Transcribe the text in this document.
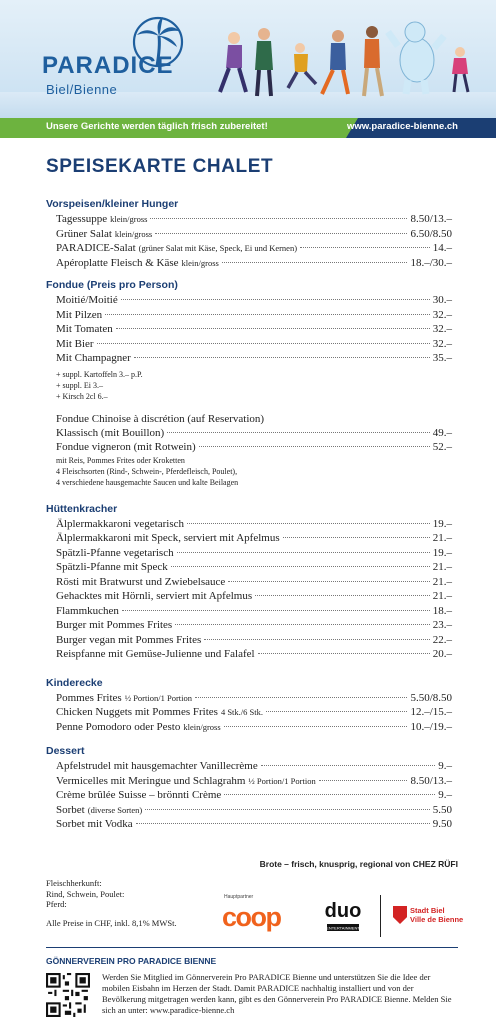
PARADICE
Biel/Bienne
Unsere Gerichte werden täglich frisch zubereitet!	www.paradice-bienne.ch
SPEISEKARTE CHALET
Vorspeisen/kleiner Hunger
Tagessuppe klein/gross	8.50/13.–
Grüner Salat klein/gross	6.50/8.50
PARADICE-Salat (grüner Salat mit Käse, Speck, Ei und Kernen)	14.–
Apéroplatte Fleisch & Käse klein/gross	18.–/30.–
Fondue (Preis pro Person)
Moitié/Moitié	30.–
Mit Pilzen	32.–
Mit Tomaten	32.–
Mit Bier	32.–
Mit Champagner	35.–
+ suppl. Kartoffeln 3.– p.P.
+ suppl. Ei 3.–
+ Kirsch 2cl 6.–
Fondue Chinoise à discrétion (auf Reservation)
Klassisch (mit Bouillon)	49.–
Fondue vigneron (mit Rotwein)	52.–
mit Reis, Pommes Frites oder Kroketten
4 Fleischsorten (Rind-, Schwein-, Pferdefleisch, Poulet),
4 verschiedene hausgemachte Saucen und kalte Beilagen
Hüttenkracher
Älplermakkaroni vegetarisch	19.–
Älplermakkaroni mit Speck, serviert mit Apfelmus	21.–
Spätzli-Pfanne vegetarisch	19.–
Spätzli-Pfanne mit Speck	21.–
Rösti mit Bratwurst und Zwiebelsauce	21.–
Gehacktes mit Hörnli, serviert mit Apfelmus	21.–
Flammkuchen	18.–
Burger mit Pommes Frites	23.–
Burger vegan mit Pommes Frites	22.–
Reispfanne mit Gemüse-Julienne und Falafel	20.–
Kinderecke
Pommes Frites ½ Portion/1 Portion	5.50/8.50
Chicken Nuggets mit Pommes Frites 4 Stk./6 Stk.	12.–/15.–
Penne Pomodoro oder Pesto klein/gross	10.–/19.–
Dessert
Apfelstrudel mit hausgemachter Vanillecrème	9.–
Vermicelles mit Meringue und Schlagrahm ½ Portion/1 Portion	8.50/13.–
Crème brûlée Suisse – brönnti Crème	9.–
Sorbet (diverse Sorten)	5.50
Sorbet mit Vodka	9.50
Brote – frisch, knusprig, regional von CHEZ RÜFI
Fleischherkunft:
Rind, Schwein, Poulet:
Pferd:
Alle Preise in CHF, inkl. 8,1% MWSt.
Hauptpartner
coop duo
ENTERTAINMENT
Stadt Biel
Ville de Bienne
GÖNNERVEREIN PRO PARADICE BIENNE
Werden Sie Mitglied im Gönnerverein Pro PARADICE Bienne und unterstützen Sie die Idee der mobilen Eisbahn im Herzen der Stadt. Damit PARADICE nachhaltig installiert und von der Bevölkerung mitgetragen werden kann, gibt es den Gönnerverein Pro PARADICE Bienne. Melden Sie sich an unter: www.paradice-bienne.ch
